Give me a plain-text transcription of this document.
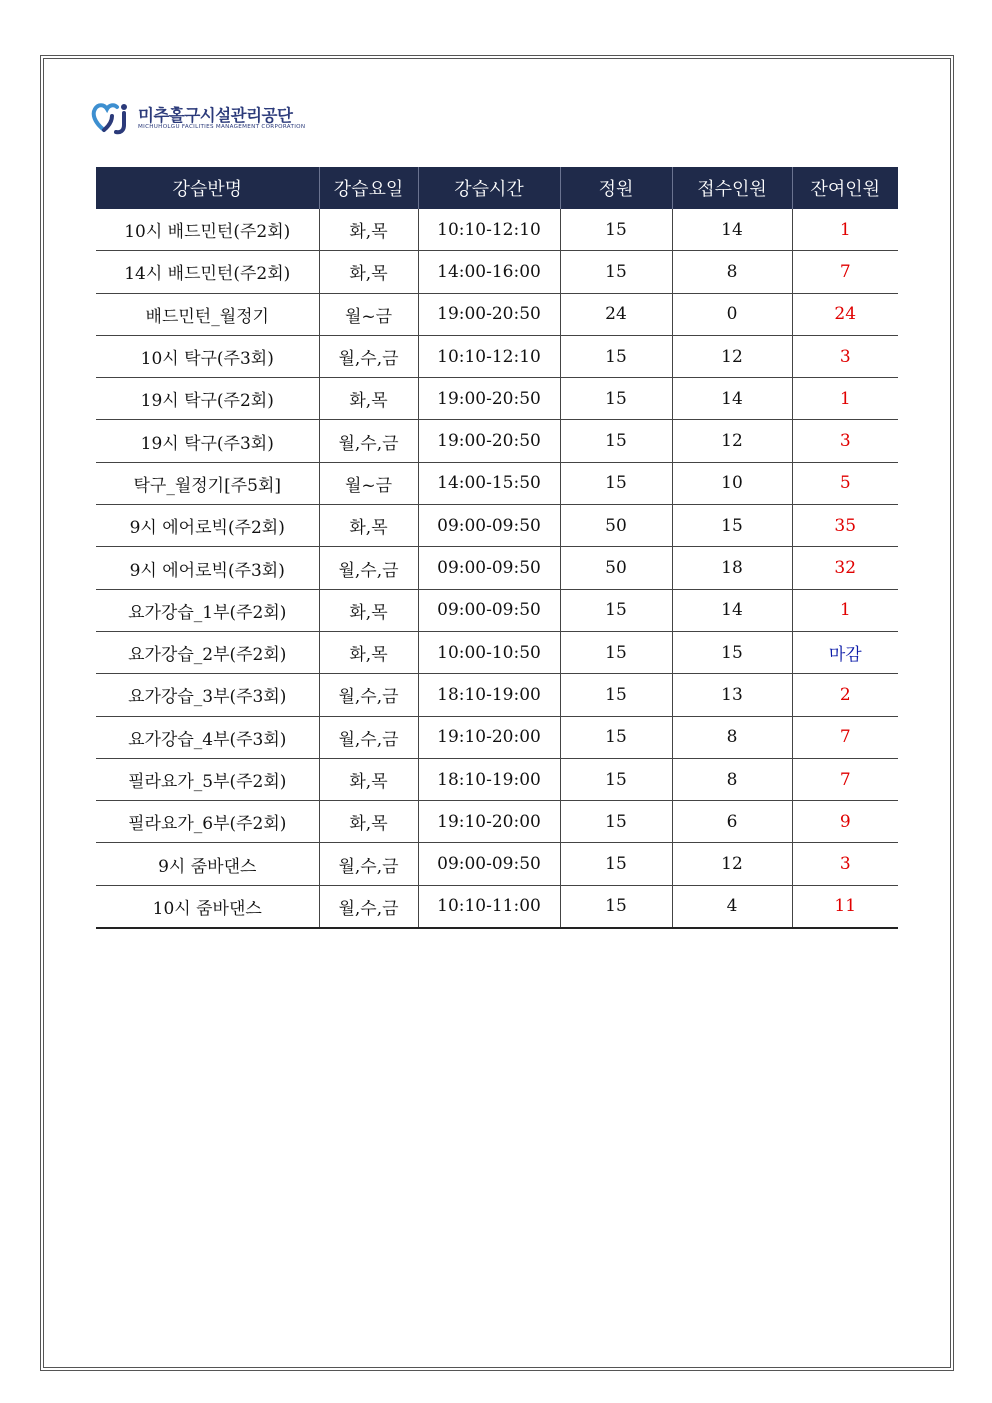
미추홀구시설관리공단
MICHUHOLGU FACILITIES MANAGEMENT CORPORATION
강습반명	강습요일	강습시간	정원	접수인원	잔여인원
10시 배드민턴(주2회)	화,목	10:10-12:10	15	14	1
14시 배드민턴(주2회)	화,목	14:00-16:00	15	8	7
배드민턴_월정기	월~금	19:00-20:50	24	0	24
10시 탁구(주3회)	월,수,금	10:10-12:10	15	12	3
19시 탁구(주2회)	화,목	19:00-20:50	15	14	1
19시 탁구(주3회)	월,수,금	19:00-20:50	15	12	3
탁구_월정기[주5회]	월~금	14:00-15:50	15	10	5
9시 에어로빅(주2회)	화,목	09:00-09:50	50	15	35
9시 에어로빅(주3회)	월,수,금	09:00-09:50	50	18	32
요가강습_1부(주2회)	화,목	09:00-09:50	15	14	1
요가강습_2부(주2회)	화,목	10:00-10:50	15	15	마감
요가강습_3부(주3회)	월,수,금	18:10-19:00	15	13	2
요가강습_4부(주3회)	월,수,금	19:10-20:00	15	8	7
필라요가_5부(주2회)	화,목	18:10-19:00	15	8	7
필라요가_6부(주2회)	화,목	19:10-20:00	15	6	9
9시 줌바댄스	월,수,금	09:00-09:50	15	12	3
10시 줌바댄스	월,수,금	10:10-11:00	15	4	11
